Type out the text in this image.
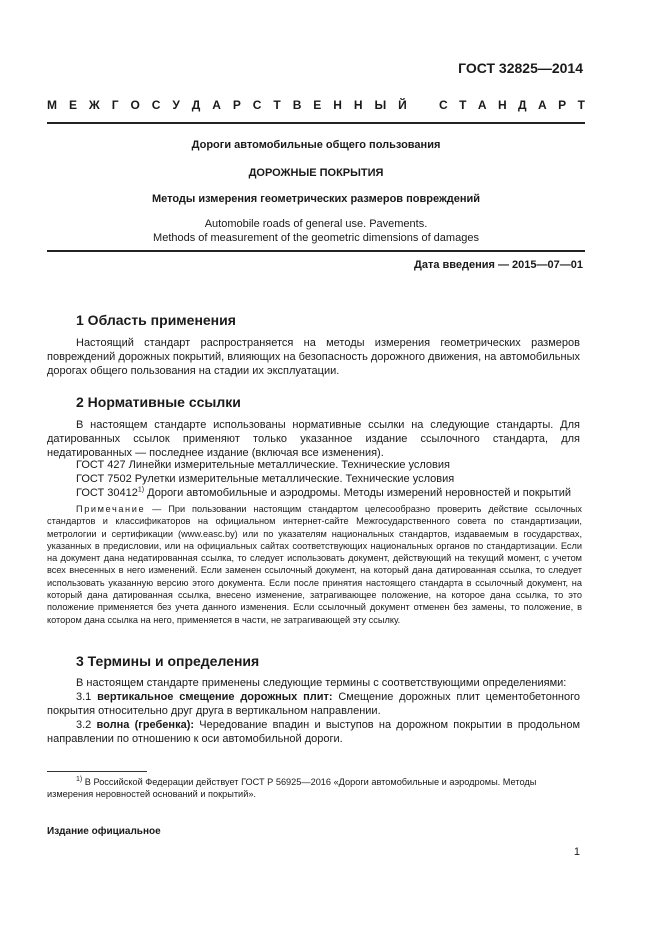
ГОСТ 32825—2014
М Е Ж Г О С У Д А Р С Т В Е Н Н Ы Й	С Т А Н Д А Р Т
Дороги автомобильные общего пользования
ДОРОЖНЫЕ ПОКРЫТИЯ
Методы измерения геометрических размеров повреждений
Automobile roads of general use. Pavements.
Methods of measurement of the geometric dimensions of damages
Дата введения — 2015—07—01
1 Область применения
Настоящий стандарт распространяется на методы измерения геометрических размеров повреждений дорожных покрытий, влияющих на безопасность дорожного движения, на автомобильных дорогах общего пользования на стадии их эксплуатации.
2 Нормативные ссылки
В настоящем стандарте использованы нормативные ссылки на следующие стандарты. Для датированных ссылок применяют только указанное издание ссылочного стандарта, для недатированных — последнее издание (включая все изменения).
ГОСТ 427 Линейки измерительные металлические. Технические условия
ГОСТ 7502 Рулетки измерительные металлические. Технические условия
ГОСТ 30412$^{1)}$ Дороги автомобильные и аэродромы. Методы измерений неровностей и покрытий
Примечание — При пользовании настоящим стандартом целесообразно проверить действие ссылочных стандартов и классификаторов на официальном интернет-сайте Межгосударственного совета по стандартизации, метрологии и сертификации (www.easc.by) или по указателям национальных стандартов, издаваемым в государствах, указанных в предисловии, или на официальных сайтах соответствующих национальных органов по стандартизации. Если на документ дана недатированная ссылка, то следует использовать документ, действующий на текущий момент, с учетом всех внесенных в него изменений. Если заменен ссылочный документ, на который дана датированная ссылка, то следует использовать указанную версию этого документа. Если после принятия настоящего стандарта в ссылочный документ, на который дана датированная ссылка, внесено изменение, затрагивающее положение, на которое дана ссылка, то это положение применяется без учета данного изменения. Если ссылочный документ отменен без замены, то положение, в котором дана ссылка на него, применяется в части, не затрагивающей эту ссылку.
3 Термины и определения
В настоящем стандарте применены следующие термины с соответствующими определениями:
3.1 вертикальное смещение дорожных плит: Смещение дорожных плит цементобетонного покрытия относительно друг друга в вертикальном направлении.
3.2 волна (гребенка): Чередование впадин и выступов на дорожном покрытии в продольном направлении по отношению к оси автомобильной дороги.
$^{1)}$ В Российской Федерации действует ГОСТ Р 56925—2016 «Дороги автомобильные и аэродромы. Методы измерения неровностей оснований и покрытий».
Издание официальное
1
